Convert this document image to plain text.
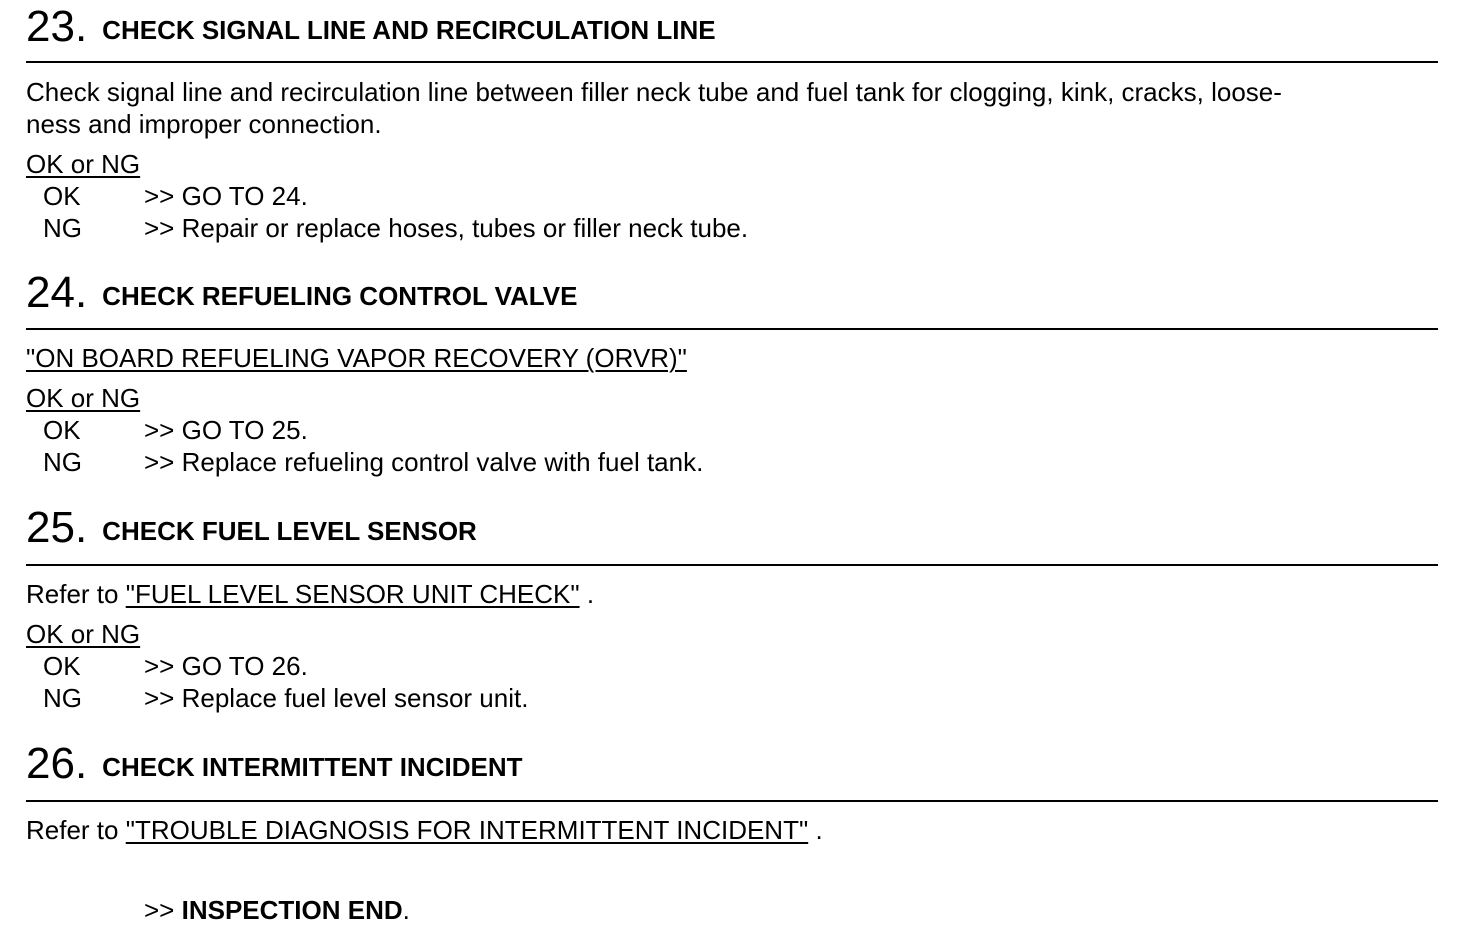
23. CHECK SIGNAL LINE AND RECIRCULATION LINE
Check signal line and recirculation line between filler neck tube and fuel tank for clogging, kink, cracks, loose-
ness and improper connection.
OK or NG
OK	>> GO TO 24.
NG	>> Repair or replace hoses, tubes or filler neck tube.
24. CHECK REFUELING CONTROL VALVE
"ON BOARD REFUELING VAPOR RECOVERY (ORVR)"
OK or NG
OK	>> GO TO 25.
NG	>> Replace refueling control valve with fuel tank.
25. CHECK FUEL LEVEL SENSOR
Refer to "FUEL LEVEL SENSOR UNIT CHECK" .
OK or NG
OK	>> GO TO 26.
NG	>> Replace fuel level sensor unit.
26. CHECK INTERMITTENT INCIDENT
Refer to "TROUBLE DIAGNOSIS FOR INTERMITTENT INCIDENT" .
>> INSPECTION END.
